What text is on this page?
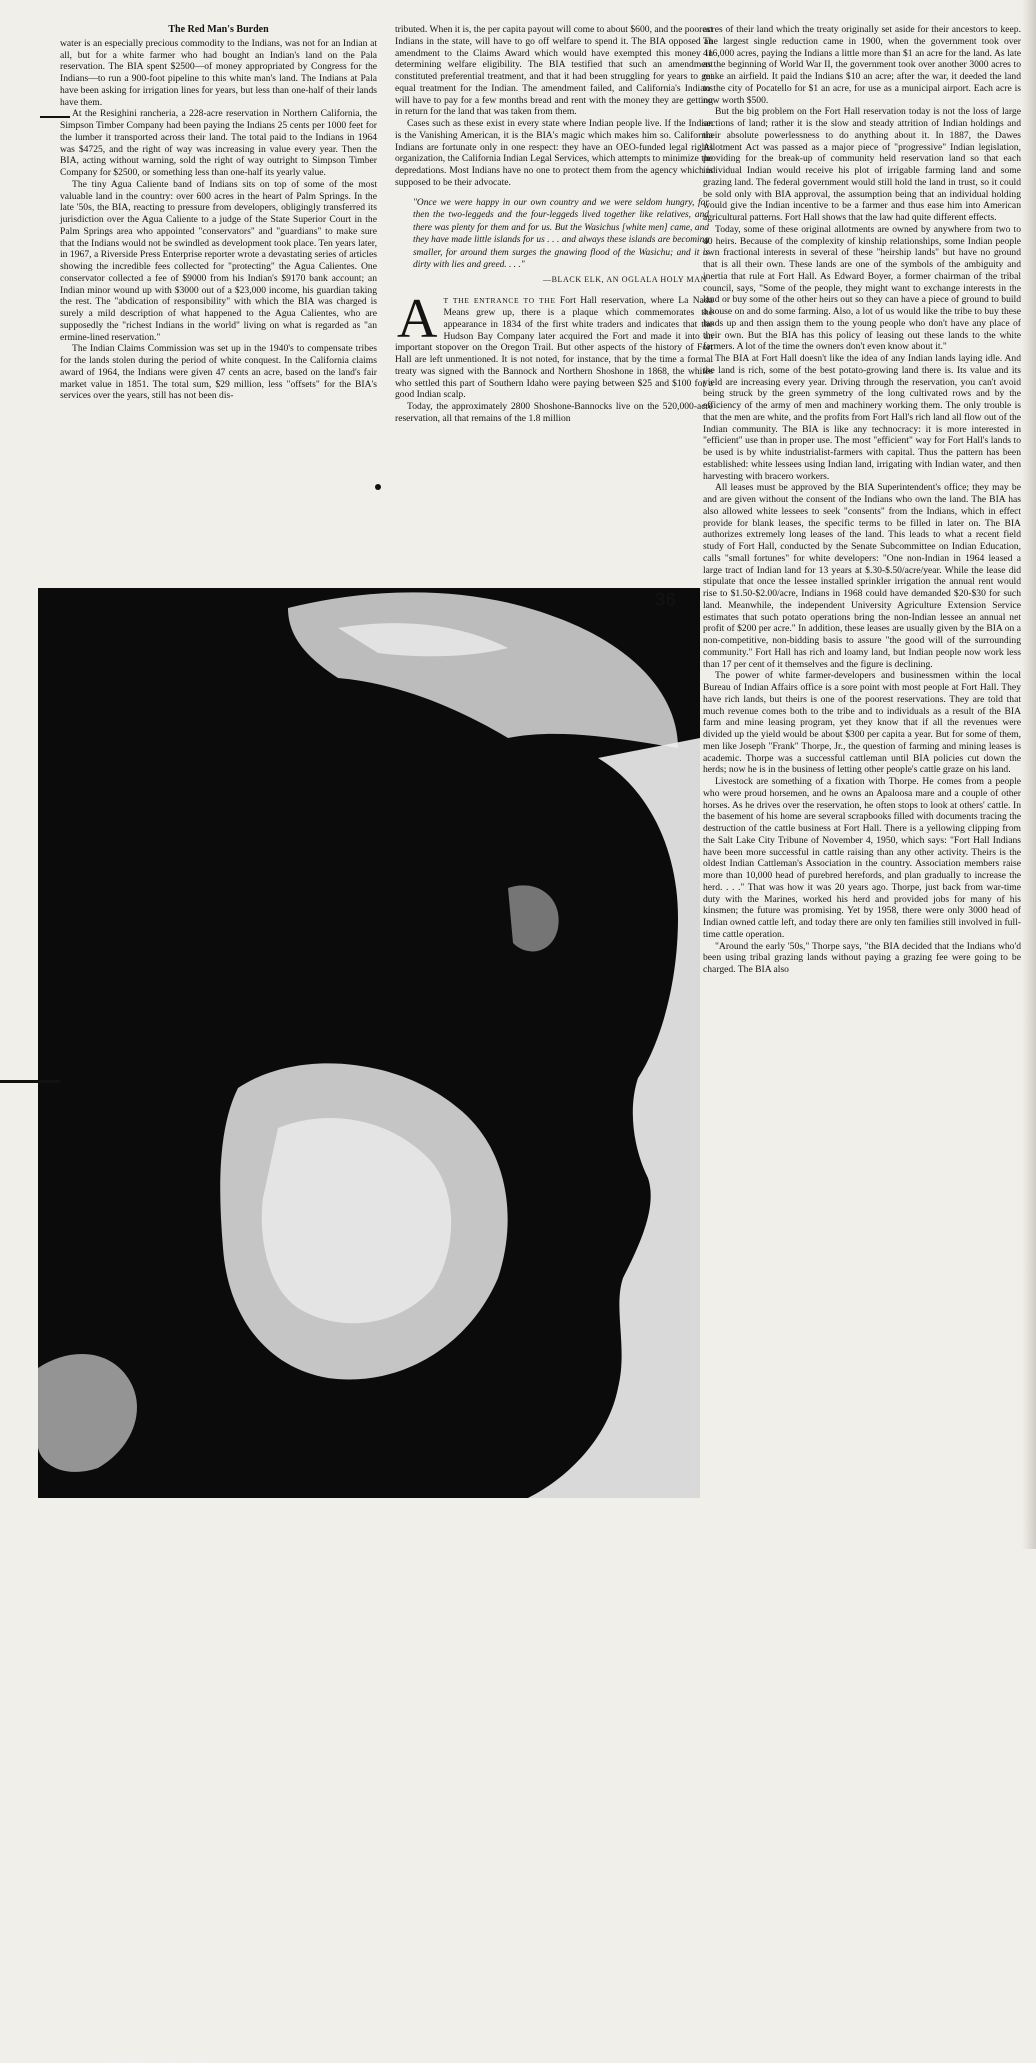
The Red Man's Burden

water is an especially precious commodity to the Indians, was not for an Indian at all, but for a white farmer who had bought an Indian's land on the Pala reservation. The BIA spent $2500—of money appropriated by Congress for the Indians—to run a 900-foot pipeline to this white man's land. The Indians at Pala have been asking for irrigation lines for years, but less than one-half of their lands have them.

At the Resighini rancheria, a 228-acre reservation in Northern California, the Simpson Timber Company had been paying the Indians 25 cents per 1000 feet for the lumber it transported across their land. The total paid to the Indians in 1964 was $4725, and the right of way was increasing in value every year. Then the BIA, acting without warning, sold the right of way outright to Simpson Timber Company for $2500, or something less than one-half its yearly value.

The tiny Agua Caliente band of Indians sits on top of some of the most valuable land in the country: over 600 acres in the heart of Palm Springs. In the late '50s, the BIA, reacting to pressure from developers, obligingly transferred its jurisdiction over the Agua Caliente to a judge of the State Superior Court in the Palm Springs area who appointed "conservators" and "guardians" to make sure that the Indians would not be swindled as development took place. Ten years later, in 1967, a Riverside Press Enterprise reporter wrote a devastating series of articles showing the incredible fees collected for "protecting" the Agua Calientes. One conservator collected a fee of $9000 from his Indian's $9170 bank account; an Indian minor wound up with $3000 out of a $23,000 income, his guardian taking the rest. The "abdication of responsibility" with which the BIA was charged is surely a mild description of what happened to the Agua Calientes, who are supposedly the "richest Indians in the world" living on what is regarded as "an ermine-lined reservation."

The Indian Claims Commission was set up in the 1940's to compensate tribes for the lands stolen during the period of white conquest. In the California claims award of 1964, the Indians were given 47 cents an acre, based on the land's fair market value in 1851. The total sum, $29 million, less "offsets" for the BIA's services over the years, still has not been dis-

tributed. When it is, the per capita payout will come to about $600, and the poorest Indians in the state, will have to go off welfare to spend it. The BIA opposed an amendment to the Claims Award which would have exempted this money in determining welfare eligibility. The BIA testified that such an amendment constituted preferential treatment, and that it had been struggling for years to get equal treatment for the Indian. The amendment failed, and California's Indians will have to pay for a few months bread and rent with the money they are getting in return for the land that was taken from them.

Cases such as these exist in every state where Indian people live. If the Indian is the Vanishing American, it is the BIA's magic which makes him so. California Indians are fortunate only in one respect: they have an OEO-funded legal rights organization, the California Indian Legal Services, which attempts to minimize the depredations. Most Indians have no one to protect them from the agency which is supposed to be their advocate.

"Once we were happy in our own country and we were seldom hungry, for then the two-leggeds and the four-leggeds lived together like relatives, and there was plenty for them and for us. But the Wasichus [white men] came, and they have made little islands for us . . . and always these islands are becoming smaller, for around them surges the gnawing flood of the Wasichu; and it is dirty with lies and greed. . . ."
—BLACK ELK, AN OGLALA HOLY MAN

A T THE ENTRANCE TO THE Fort Hall reservation, where La Nada Means grew up, there is a plaque which commemorates the appearance in 1834 of the first white traders and indicates that the Hudson Bay Company later acquired the Fort and made it into an important stopover on the Oregon Trail. But other aspects of the history of Fort Hall are left unmentioned. It is not noted, for instance, that by the time a formal treaty was signed with the Bannock and Northern Shoshone in 1868, the whites who settled this part of Southern Idaho were paying between $25 and $100 for a good Indian scalp.

Today, the approximately 2800 Shoshone-Bannocks live on the 520,000-acre reservation, all that remains of the 1.8 million

acres of their land which the treaty originally set aside for their ancestors to keep. The largest single reduction came in 1900, when the government took over 416,000 acres, paying the Indians a little more than $1 an acre for the land. As late as the beginning of World War II, the government took over another 3000 acres to make an airfield. It paid the Indians $10 an acre; after the war, it deeded the land to the city of Pocatello for $1 an acre, for use as a municipal airport. Each acre is now worth $500.

But the big problem on the Fort Hall reservation today is not the loss of large sections of land; rather it is the slow and steady attrition of Indian holdings and their absolute powerlessness to do anything about it. In 1887, the Dawes Allotment Act was passed as a major piece of "progressive" Indian legislation, providing for the break-up of community held reservation land so that each individual Indian would receive his plot of irrigable farming land and some grazing land. The federal government would still hold the land in trust, so it could be sold only with BIA approval, the assumption being that an individual holding would give the Indian incentive to be a farmer and thus ease him into American agricultural patterns. Fort Hall shows that the law had quite different effects.

Today, some of these original allotments are owned by anywhere from two to 40 heirs. Because of the complexity of kinship relationships, some Indian people own fractional interests in several of these "heirship lands" but have no ground that is all their own. These lands are one of the symbols of the ambiguity and inertia that rule at Fort Hall. As Edward Boyer, a former chairman of the tribal council, says, "Some of the people, they might want to exchange interests in the land or buy some of the other heirs out so they can have a piece of ground to build a house on and do some farming. Also, a lot of us would like the tribe to buy these lands up and then assign them to the young people who don't have any place of their own. But the BIA has this policy of leasing out these lands to the white farmers. A lot of the time the owners don't even know about it."

The BIA at Fort Hall doesn't like the idea of any Indian lands laying idle. And the land is rich, some of the best potato-growing land there is. Its value and its yield are increasing every year. Driving through the reservation, you can't avoid being struck by the green symmetry of the long cultivated rows and by the efficiency of the army of men and machinery working them. The only trouble is that the men are white, and the profits from Fort Hall's rich land all flow out of the Indian community. The BIA is like any technocracy: it is more interested in "efficient" use than in proper use. The most "efficient" way for Fort Hall's lands to be used is by white industrialist-farmers with capital. Thus the pattern has been established: white lessees using Indian land, irrigating with Indian water, and then harvesting with bracero workers.

All leases must be approved by the BIA Superintendent's office; they may be and are given without the consent of the Indians who own the land. The BIA has also allowed white lessees to seek "consents" from the Indians, which in effect provide for blank leases, the specific terms to be filled in later on. The BIA authorizes extremely long leases of the land. This leads to what a recent field study of Fort Hall, conducted by the Senate Subcommittee on Indian Education, calls "small fortunes" for white developers: "One non-Indian in 1964 leased a large tract of Indian land for 13 years at $.30-$.50/acre/year. While the lease did stipulate that once the lessee installed sprinkler irrigation the annual rent would rise to $1.50-$2.00/acre, Indians in 1968 could have demanded $20-$30 for such land. Meanwhile, the independent University Agriculture Extension Service estimates that such potato operations bring the non-Indian lessee an annual net profit of $200 per acre." In addition, these leases are usually given by the BIA on a non-competitive, non-bidding basis to assure "the good will of the surrounding community." Fort Hall has rich and loamy land, but Indian people now work less than 17 per cent of it themselves and the figure is declining.

The power of white farmer-developers and businessmen within the local Bureau of Indian Affairs office is a sore point with most people at Fort Hall. They have rich lands, but theirs is one of the poorest reservations. They are told that much revenue comes both to the tribe and to individuals as a result of the BIA farm and mine leasing program, yet they know that if all the revenues were divided up the yield would be about $300 per capita a year. But for some of them, men like Joseph "Frank" Thorpe, Jr., the question of farming and mining leases is academic. Thorpe was a successful cattleman until BIA policies cut down the herds; now he is in the business of letting other people's cattle graze on his land.

Livestock are something of a fixation with Thorpe. He comes from a people who were proud horsemen, and he owns an Apaloosa mare and a couple of other horses. As he drives over the reservation, he often stops to look at others' cattle. In the basement of his home are several scrapbooks filled with documents tracing the destruction of the cattle business at Fort Hall. There is a yellowing clipping from the Salt Lake City Tribune of November 4, 1950, which says: "Fort Hall Indians have been more successful in cattle raising than any other activity. Theirs is the oldest Indian Cattleman's Association in the country. Association members raise more than 10,000 head of purebred herefords, and plan gradually to increase the herd. . . ." That was how it was 20 years ago. Thorpe, just back from war-time duty with the Marines, worked his herd and provided jobs for many of his kinsmen; the future was promising. Yet by 1958, there were only 3000 head of Indian owned cattle left, and today there are only ten families still involved in full-time cattle operation.

"Around the early '50s," Thorpe says, "the BIA decided that the Indians who'd been using tribal grazing lands without paying a grazing fee were going to be charged. The BIA also

Photograph by Alan Katowitz
36
